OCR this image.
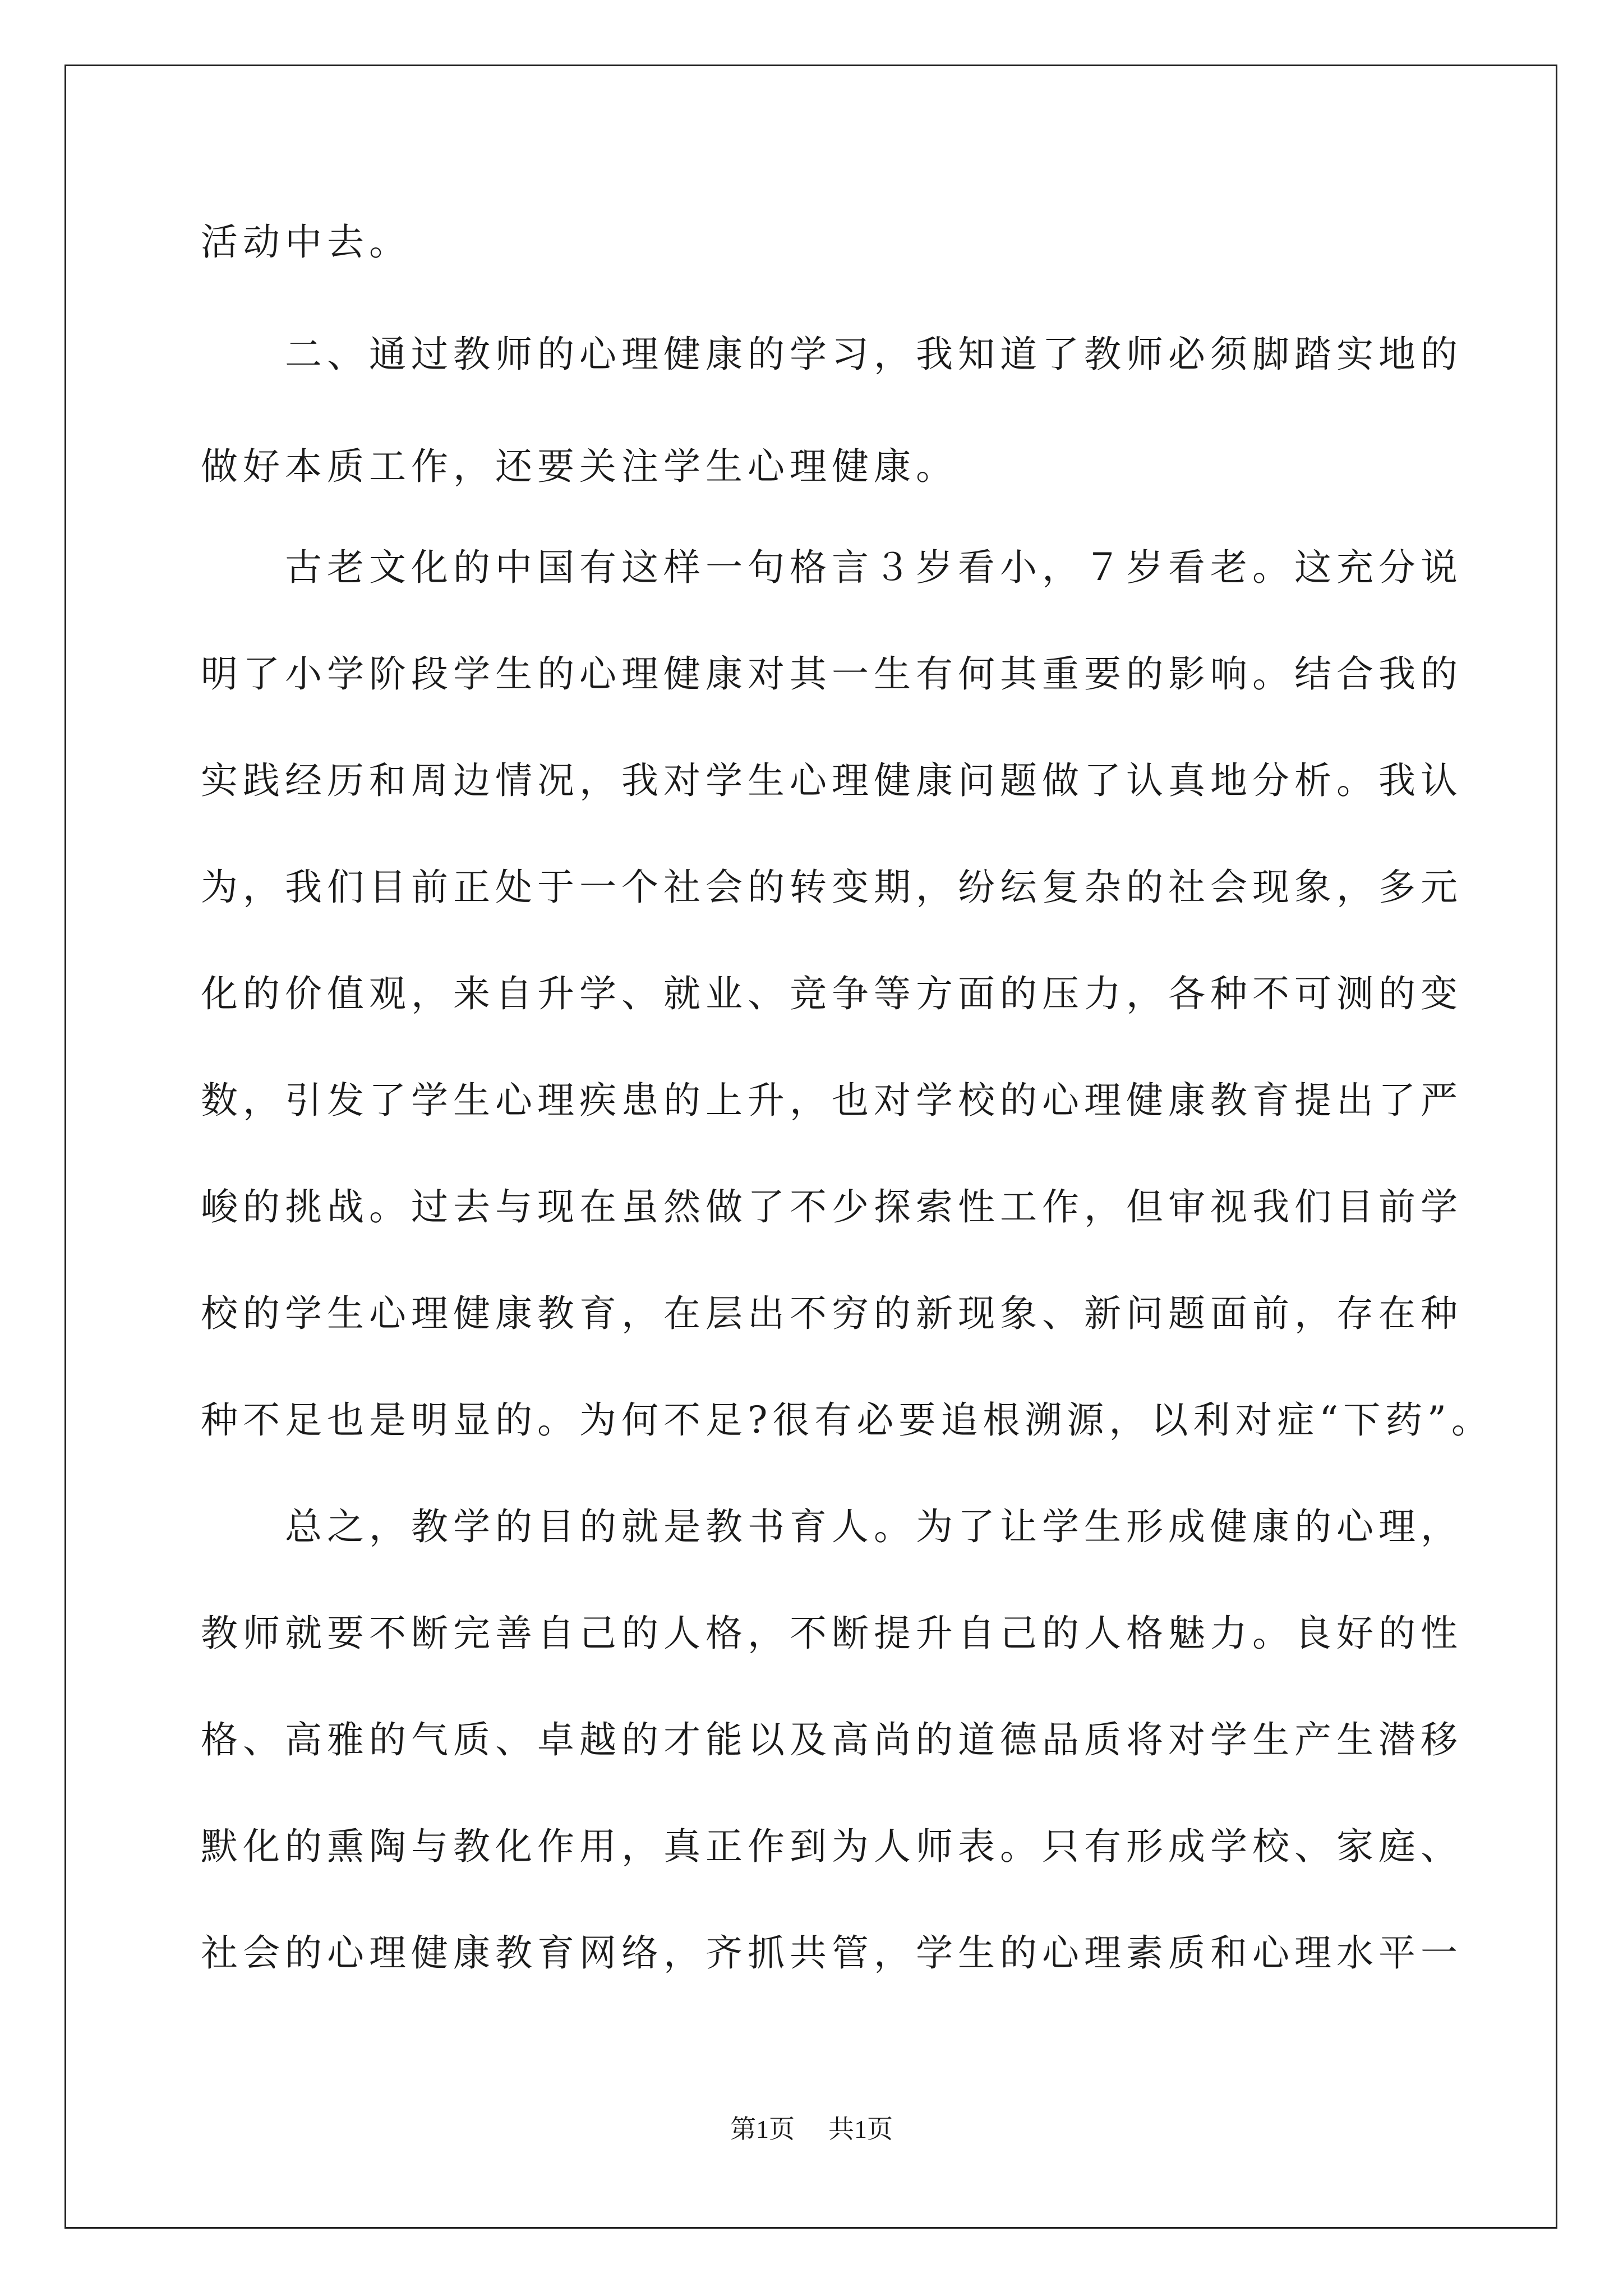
活动中去。
　　二、通过教师的心理健康的学习，我知道了教师必须脚踏实地的
做好本质工作，还要关注学生心理健康。
　　古老文化的中国有这样一句格言３岁看小，７岁看老。这充分说
明了小学阶段学生的心理健康对其一生有何其重要的影响。结合我的
实践经历和周边情况，我对学生心理健康问题做了认真地分析。我认
为，我们目前正处于一个社会的转变期，纷纭复杂的社会现象，多元
化的价值观，来自升学、就业、竞争等方面的压力，各种不可测的变
数，引发了学生心理疾患的上升，也对学校的心理健康教育提出了严
峻的挑战。过去与现在虽然做了不少探索性工作，但审视我们目前学
校的学生心理健康教育，在层出不穷的新现象、新问题面前，存在种
种不足也是明显的。为何不足?很有必要追根溯源，以利对症“下药”。
　　总之，教学的目的就是教书育人。为了让学生形成健康的心理，
教师就要不断完善自己的人格，不断提升自己的人格魅力。良好的性
格、高雅的气质、卓越的才能以及高尚的道德品质将对学生产生潜移
默化的熏陶与教化作用，真正作到为人师表。只有形成学校、家庭、
社会的心理健康教育网络，齐抓共管，学生的心理素质和心理水平一
第1页 共1页
